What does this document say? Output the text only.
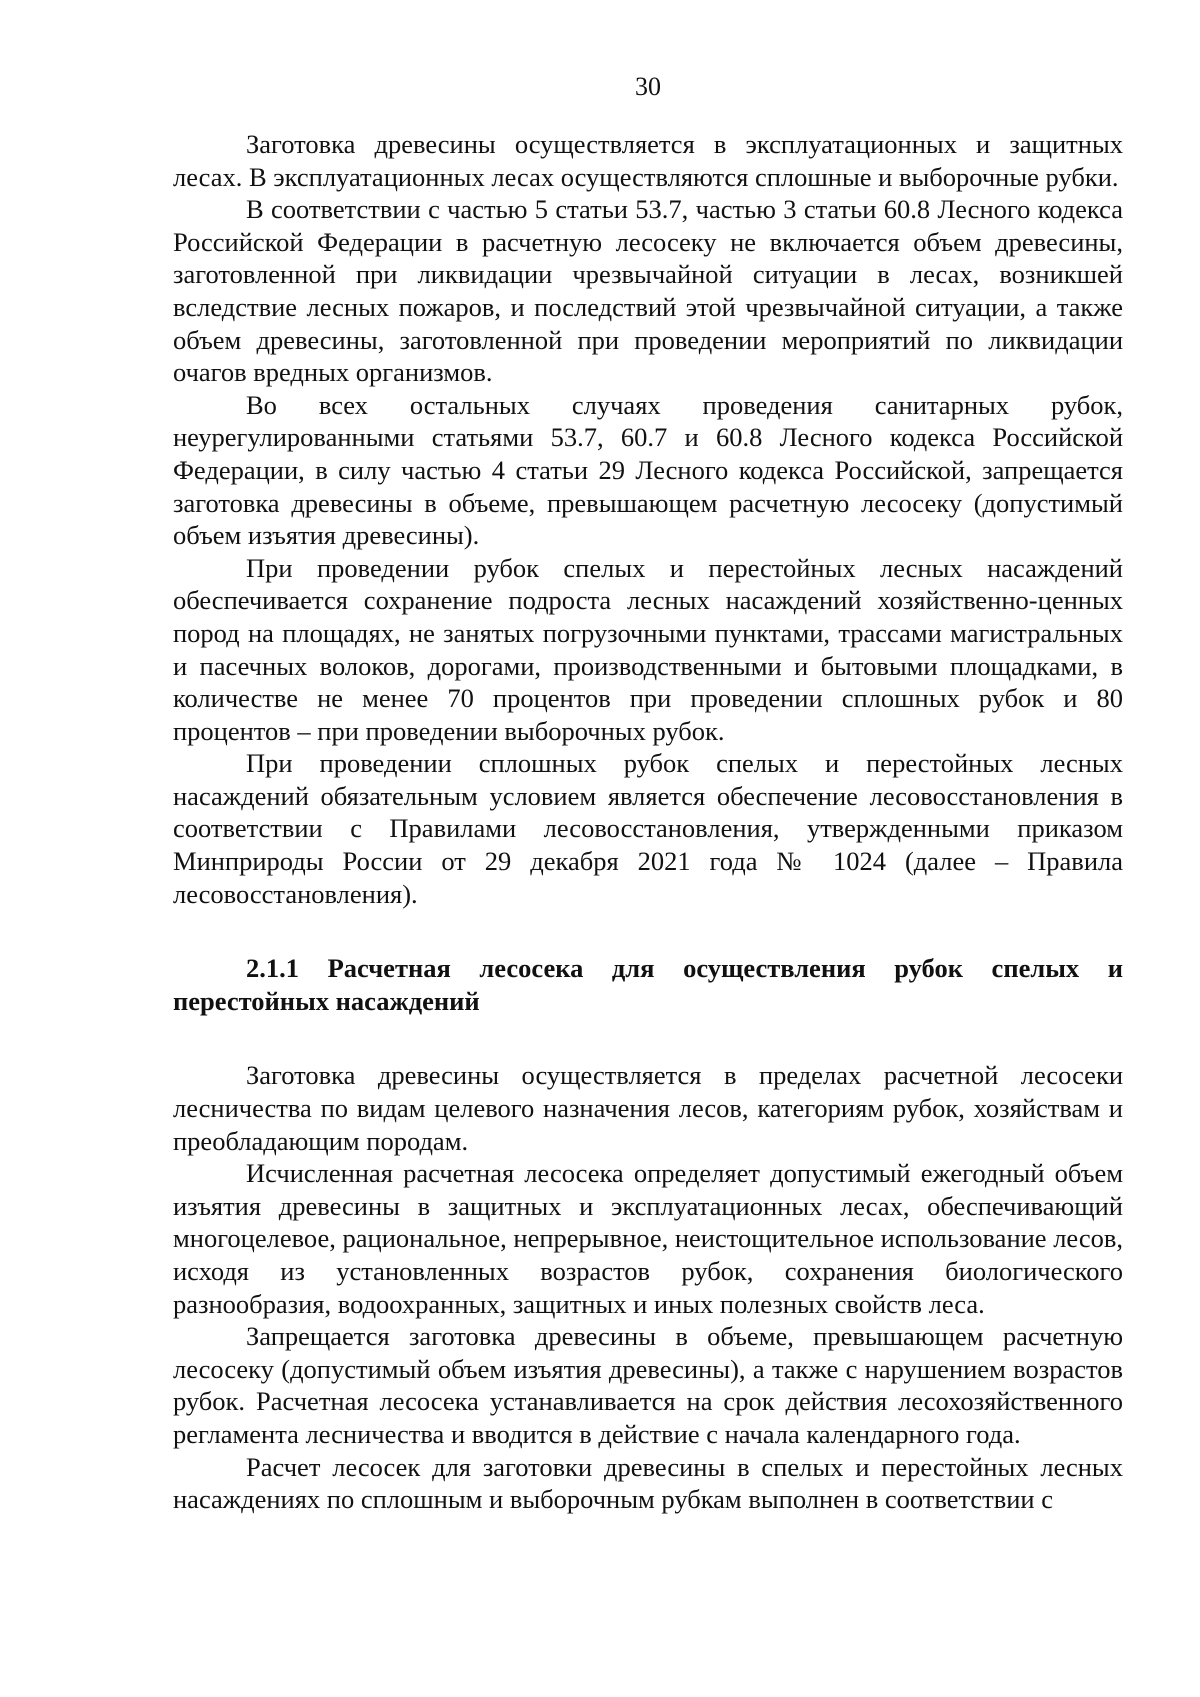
30

Заготовка древесины осуществляется в эксплуатационных и защитных лесах. В эксплуатационных лесах осуществляются сплошные и выборочные рубки.

В соответствии с частью 5 статьи 53.7, частью 3 статьи 60.8 Лесного кодекса Российской Федерации в расчетную лесосеку не включается объем древесины, заготовленной при ликвидации чрезвычайной ситуации в лесах, возникшей вследствие лесных пожаров, и последствий этой чрезвычайной ситуации, а также объем древесины, заготовленной при проведении мероприятий по ликвидации очагов вредных организмов.

Во всех остальных случаях проведения санитарных рубок, неурегулированными статьями 53.7, 60.7 и 60.8 Лесного кодекса Российской Федерации, в силу частью 4 статьи 29 Лесного кодекса Российской, запрещается заготовка древесины в объеме, превышающем расчетную лесосеку (допустимый объем изъятия древесины).

При проведении рубок спелых и перестойных лесных насаждений обеспечивается сохранение подроста лесных насаждений хозяйственно-ценных пород на площадях, не занятых погрузочными пунктами, трассами магистральных и пасечных волоков, дорогами, производственными и бытовыми площадками, в количестве не менее 70 процентов при проведении сплошных рубок и 80 процентов – при проведении выборочных рубок.

При проведении сплошных рубок спелых и перестойных лесных насаждений обязательным условием является обеспечение лесовосстановления в соответствии с Правилами лесовосстановления, утвержденными приказом Минприроды России от 29 декабря 2021 года № 1024 (далее – Правила лесовосстановления).

2.1.1 Расчетная лесосека для осуществления рубок спелых и перестойных насаждений

Заготовка древесины осуществляется в пределах расчетной лесосеки лесничества по видам целевого назначения лесов, категориям рубок, хозяйствам и преобладающим породам.

Исчисленная расчетная лесосека определяет допустимый ежегодный объем изъятия древесины в защитных и эксплуатационных лесах, обеспечивающий многоцелевое, рациональное, непрерывное, неистощительное использование лесов, исходя из установленных возрастов рубок, сохранения биологического разнообразия, водоохранных, защитных и иных полезных свойств леса.

Запрещается заготовка древесины в объеме, превышающем расчетную лесосеку (допустимый объем изъятия древесины), а также с нарушением возрастов рубок. Расчетная лесосека устанавливается на срок действия лесохозяйственного регламента лесничества и вводится в действие с начала календарного года.

Расчет лесосек для заготовки древесины в спелых и перестойных лесных насаждениях по сплошным и выборочным рубкам выполнен в соответствии с
